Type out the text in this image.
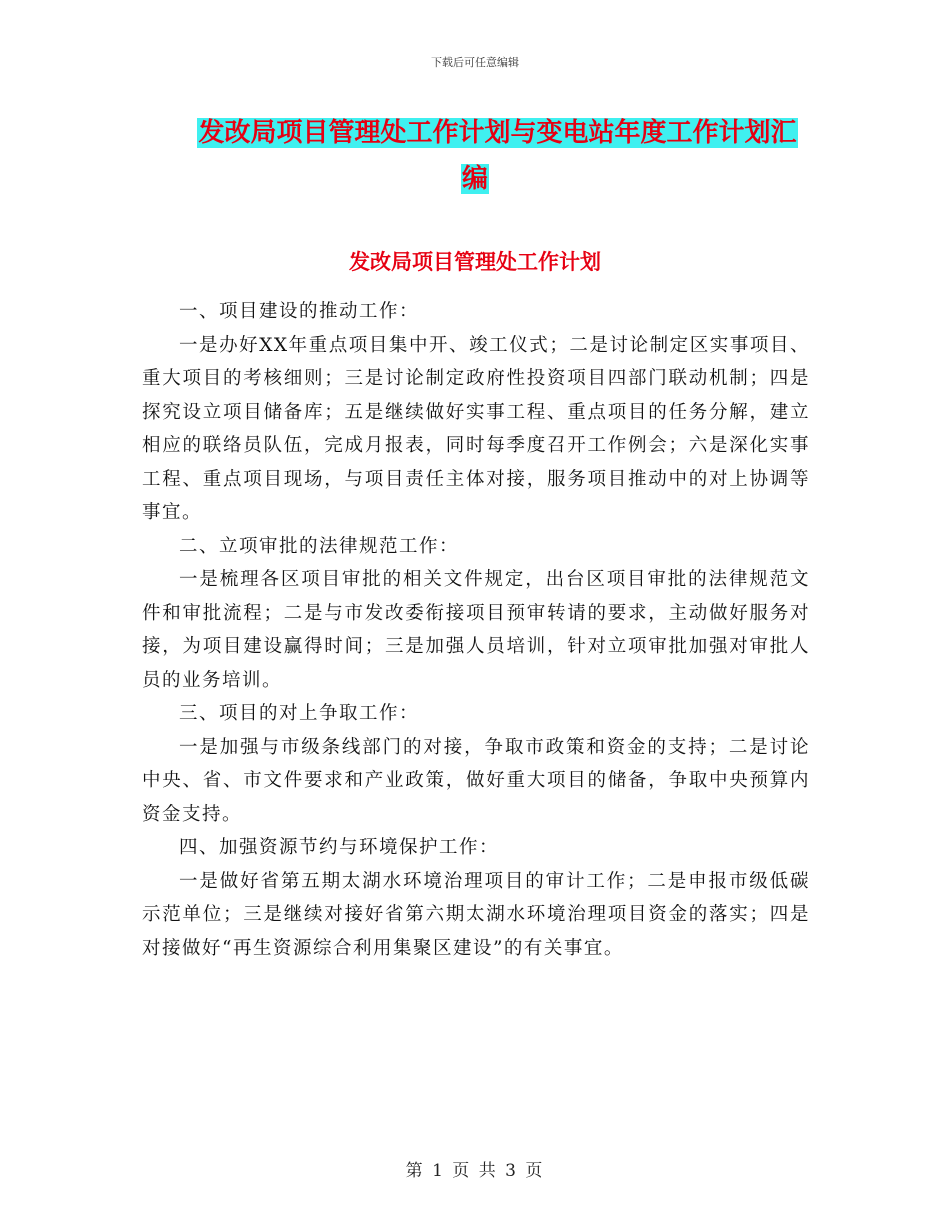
下载后可任意编辑
发改局项目管理处工作计划与变电站年度工作计划汇
编
发改局项目管理处工作计划

一、项目建设的推动工作：

一是办好XX年重点项目集中开、竣工仪式；二是讨论制定区实事项目、重大项目的考核细则；三是讨论制定政府性投资项目四部门联动机制；四是探究设立项目储备库；五是继续做好实事工程、重点项目的任务分解，建立相应的联络员队伍，完成月报表，同时每季度召开工作例会；六是深化实事工程、重点项目现场，与项目责任主体对接，服务项目推动中的对上协调等事宜。

二、立项审批的法律规范工作：

一是梳理各区项目审批的相关文件规定，出台区项目审批的法律规范文件和审批流程；二是与市发改委衔接项目预审转请的要求，主动做好服务对接，为项目建设赢得时间；三是加强人员培训，针对立项审批加强对审批人员的业务培训。

三、项目的对上争取工作：

一是加强与市级条线部门的对接，争取市政策和资金的支持；二是讨论中央、省、市文件要求和产业政策，做好重大项目的储备，争取中央预算内资金支持。

四、加强资源节约与环境保护工作：

一是做好省第五期太湖水环境治理项目的审计工作；二是申报市级低碳示范单位；三是继续对接好省第六期太湖水环境治理项目资金的落实；四是对接做好“再生资源综合利用集聚区建设”的有关事宜。

第 1 页 共 3 页
